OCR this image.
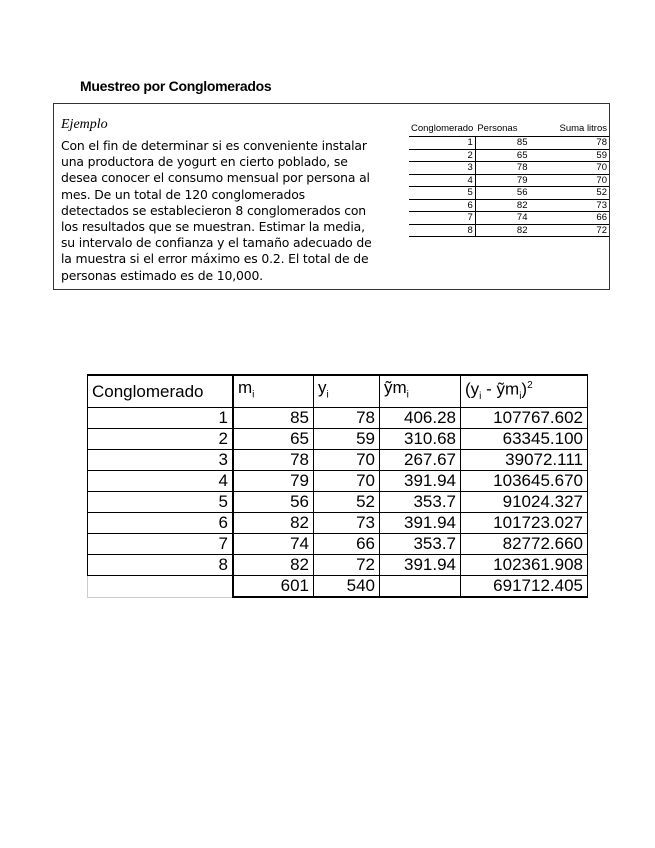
Muestreo por Conglomerados
Ejemplo
Con el fin de determinar si es conveniente instalar
una productora de yogurt en cierto poblado, se
desea conocer el consumo mensual por persona al
mes. De un total de 120 conglomerados
detectados se establecieron 8 conglomerados con
los resultados que se muestran. Estimar la media,
su intervalo de confianza y el tamaño adecuado de
la muestra si el error máximo es 0.2. El total de de
personas estimado es de 10,000.
Conglomerado	Personas	Suma litros
1	85	78
2	65	59
3	78	70
4	79	70
5	56	52
6	82	73
7	74	66
8	82	72
Conglomerado	$m_i$	$y_i$	ỹm$_i$	($y_i$ - ỹm$_i$)$^2$
1	85	78	406.28	107767.602
2	65	59	310.68	63345.100
3	78	70	267.67	39072.111
4	79	70	391.94	103645.670
5	56	52	353.7	91024.327
6	82	73	391.94	101723.027
7	74	66	353.7	82772.660
8	82	72	391.94	102361.908
	601	540		691712.405
